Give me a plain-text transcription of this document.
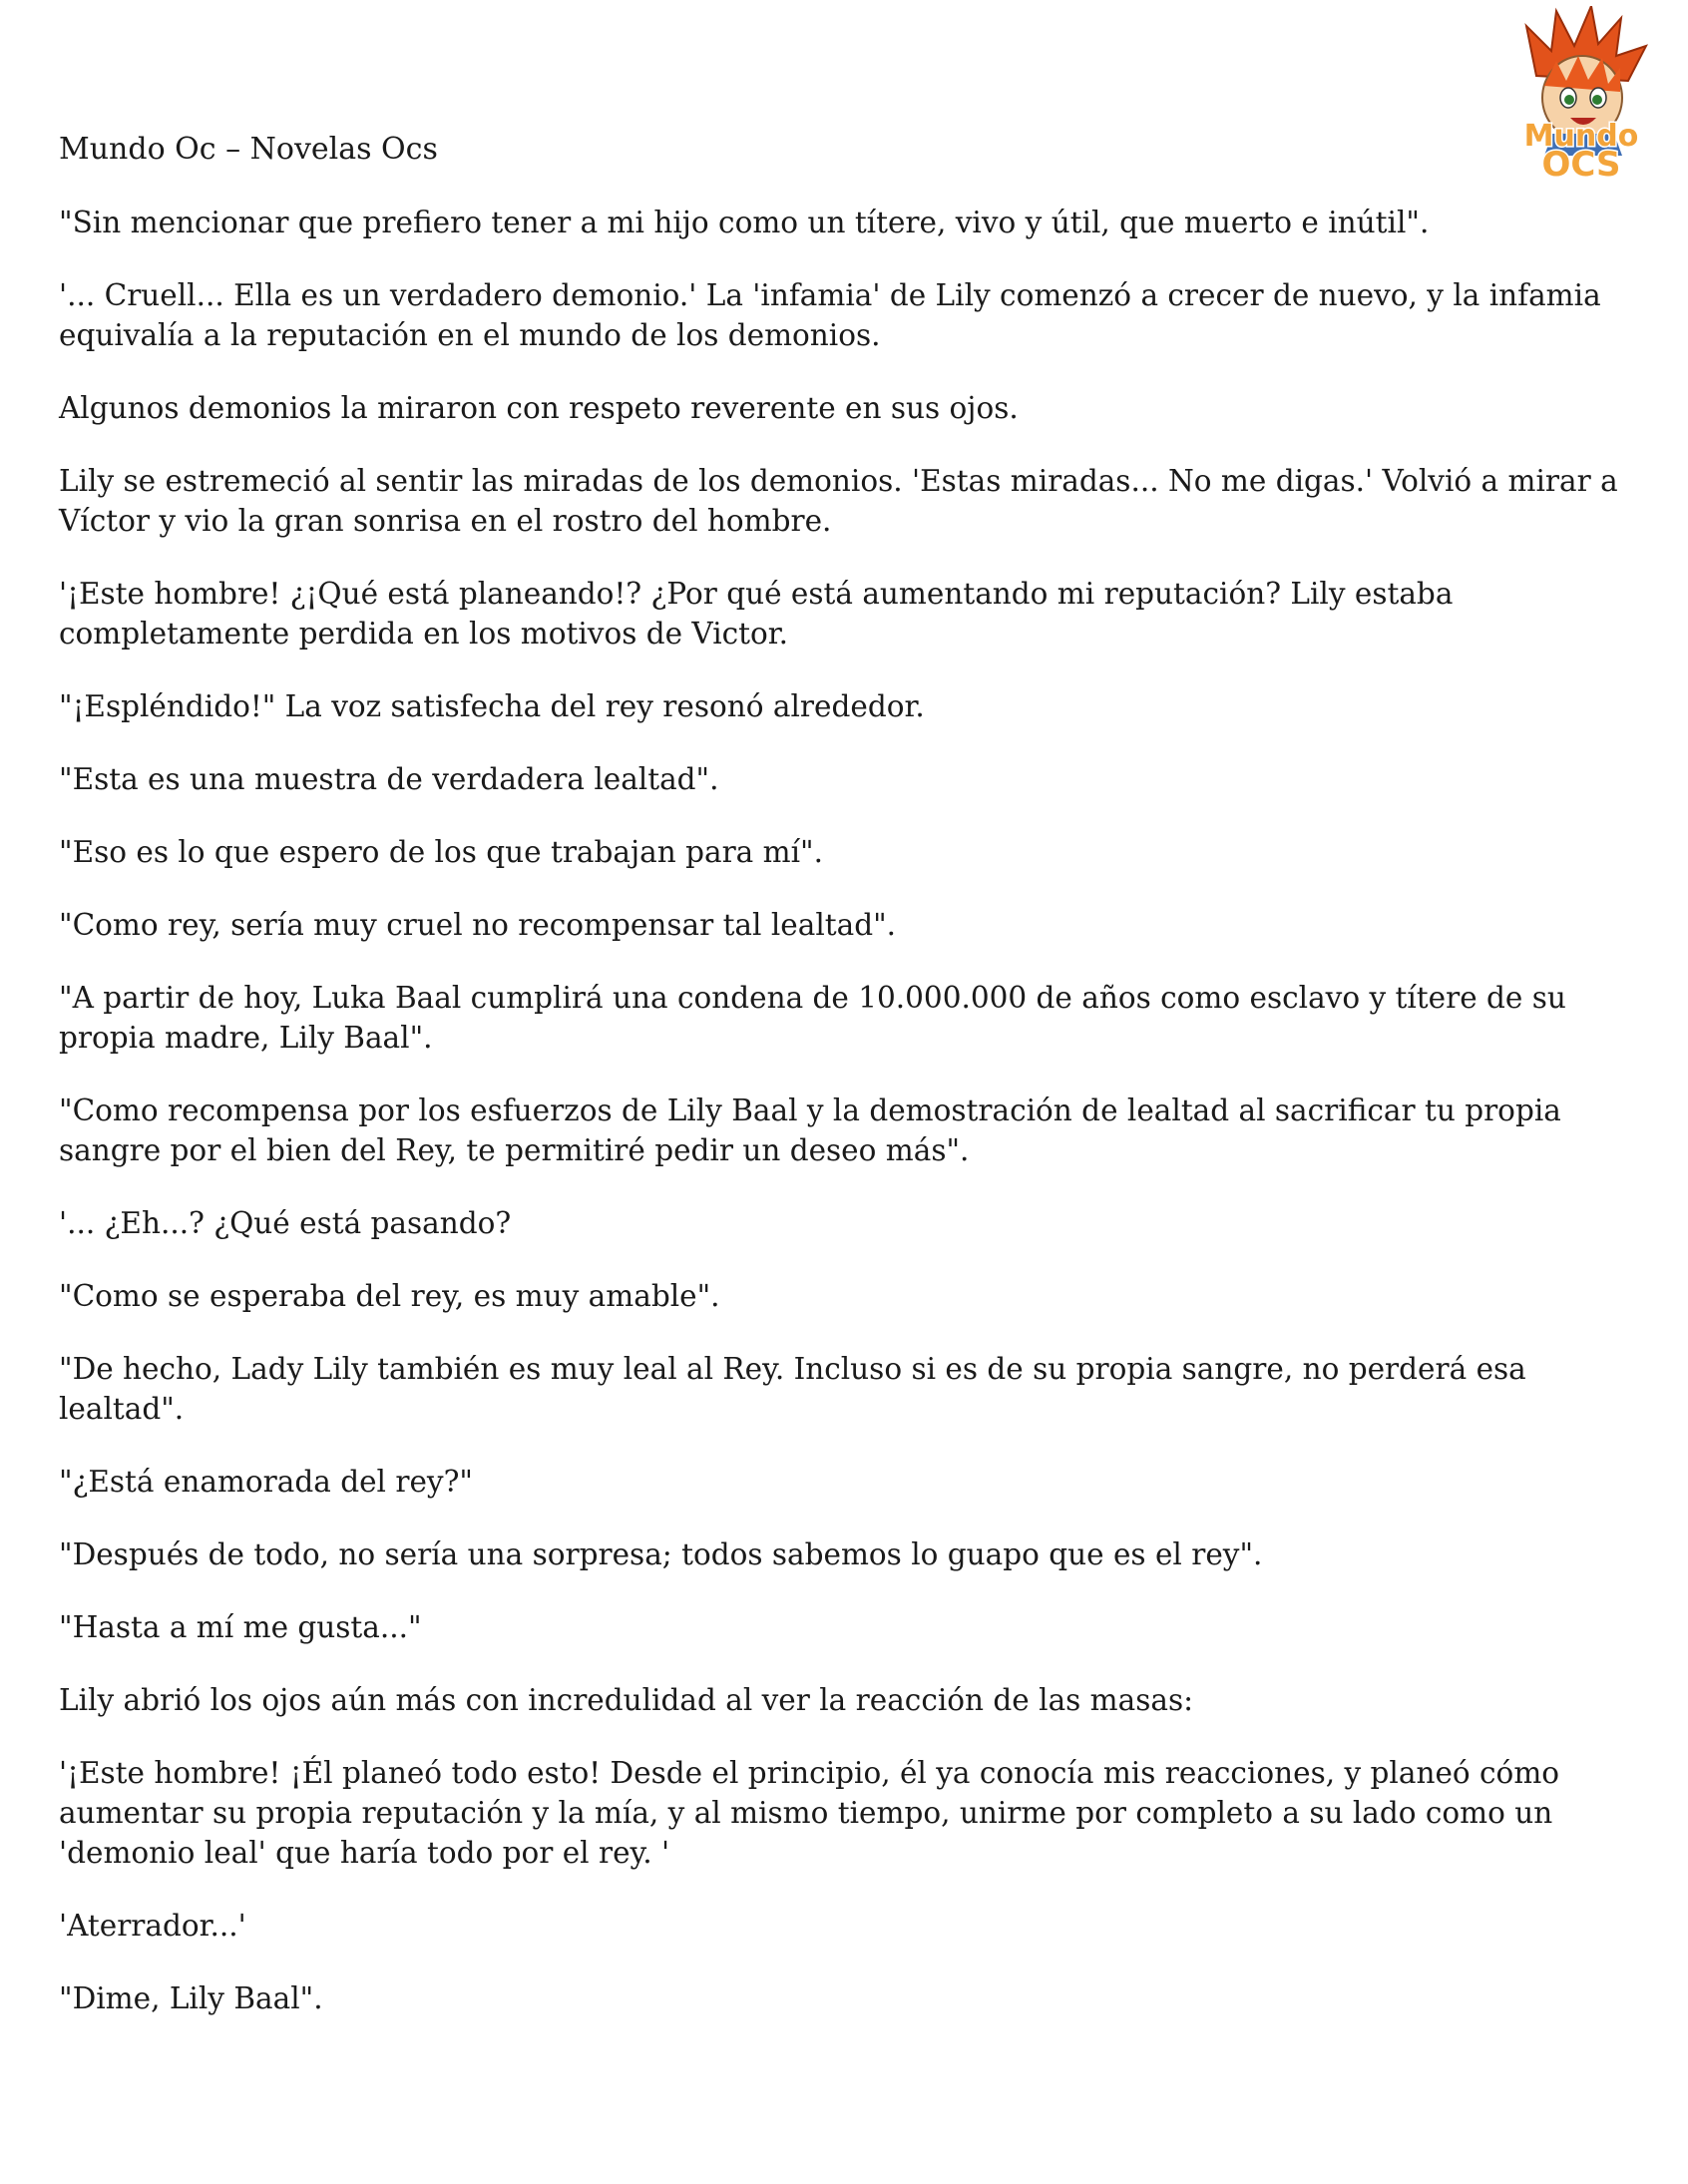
Mundo
OCS
Mundo Oc – Novelas Ocs

"Sin mencionar que prefiero tener a mi hijo como un títere, vivo y útil, que muerto e inútil".

'... Cruell... Ella es un verdadero demonio.' La 'infamia' de Lily comenzó a crecer de nuevo, y la infamia equivalía a la reputación en el mundo de los demonios.

Algunos demonios la miraron con respeto reverente en sus ojos.

Lily se estremeció al sentir las miradas de los demonios. 'Estas miradas... No me digas.' Volvió a mirar a Víctor y vio la gran sonrisa en el rostro del hombre.

'¡Este hombre! ¿¡Qué está planeando!? ¿Por qué está aumentando mi reputación? Lily estaba completamente perdida en los motivos de Victor.

"¡Espléndido!" La voz satisfecha del rey resonó alrededor.

"Esta es una muestra de verdadera lealtad".

"Eso es lo que espero de los que trabajan para mí".

"Como rey, sería muy cruel no recompensar tal lealtad".

"A partir de hoy, Luka Baal cumplirá una condena de 10.000.000 de años como esclavo y títere de su propia madre, Lily Baal".

"Como recompensa por los esfuerzos de Lily Baal y la demostración de lealtad al sacrificar tu propia sangre por el bien del Rey, te permitiré pedir un deseo más".

'... ¿Eh...? ¿Qué está pasando?

"Como se esperaba del rey, es muy amable".

"De hecho, Lady Lily también es muy leal al Rey. Incluso si es de su propia sangre, no perderá esa lealtad".

"¿Está enamorada del rey?"

"Después de todo, no sería una sorpresa; todos sabemos lo guapo que es el rey".

"Hasta a mí me gusta..."

Lily abrió los ojos aún más con incredulidad al ver la reacción de las masas:

'¡Este hombre! ¡Él planeó todo esto! Desde el principio, él ya conocía mis reacciones, y planeó cómo aumentar su propia reputación y la mía, y al mismo tiempo, unirme por completo a su lado como un 'demonio leal' que haría todo por el rey. '

'Aterrador...'

"Dime, Lily Baal".
